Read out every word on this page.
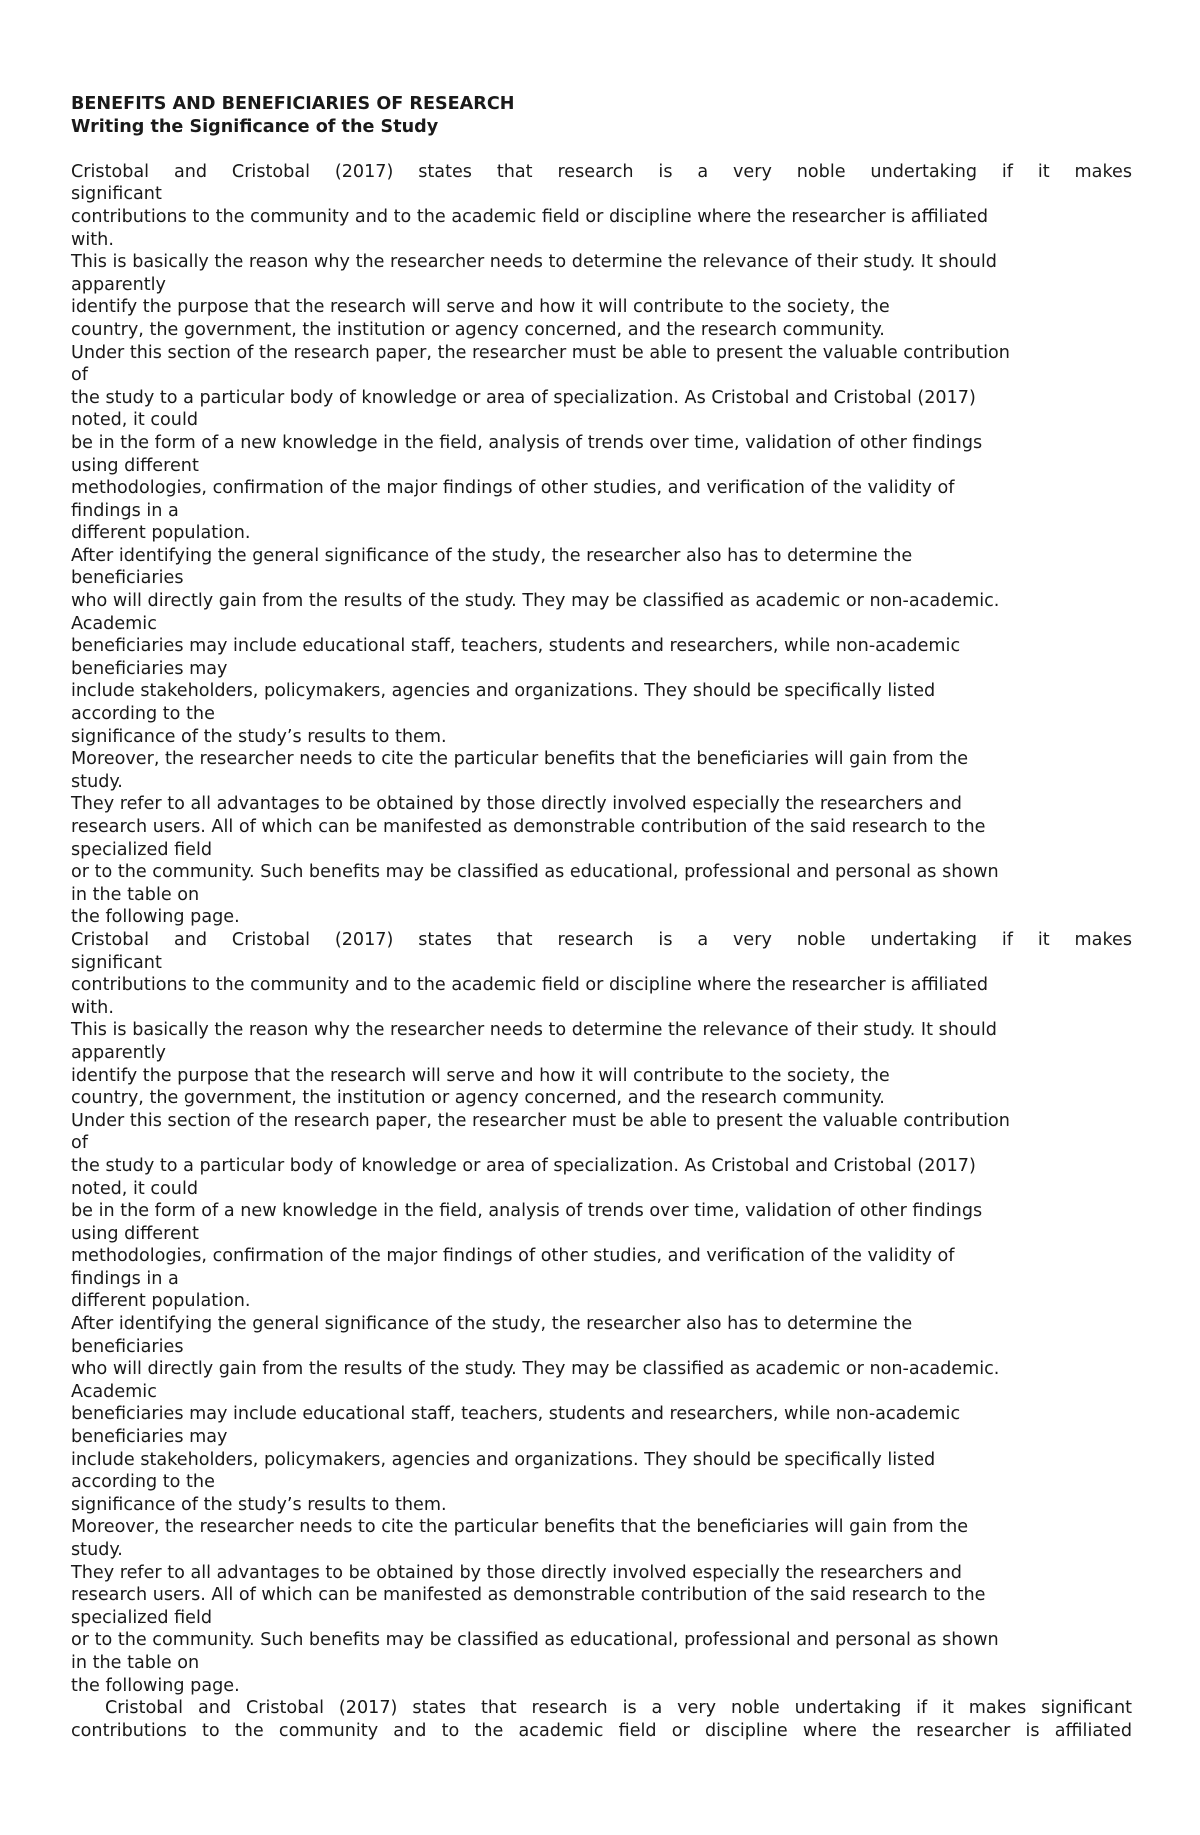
BENEFITS AND BENEFICIARIES OF RESEARCH
Writing the Significance of the Study
Cristobal and Cristobal (2017) states that research is a very noble undertaking if it makes
significant
contributions to the community and to the academic field or discipline where the researcher is affiliated
with.
This is basically the reason why the researcher needs to determine the relevance of their study. It should
apparently
identify the purpose that the research will serve and how it will contribute to the society, the
country, the government, the institution or agency concerned, and the research community.
Under this section of the research paper, the researcher must be able to present the valuable contribution
of
the study to a particular body of knowledge or area of specialization. As Cristobal and Cristobal (2017)
noted, it could
be in the form of a new knowledge in the field, analysis of trends over time, validation of other findings
using different
methodologies, confirmation of the major findings of other studies, and verification of the validity of
findings in a
different population.
After identifying the general significance of the study, the researcher also has to determine the
beneficiaries
who will directly gain from the results of the study. They may be classified as academic or non-academic.
Academic
beneficiaries may include educational staff, teachers, students and researchers, while non-academic
beneficiaries may
include stakeholders, policymakers, agencies and organizations. They should be specifically listed
according to the
significance of the study’s results to them.
Moreover, the researcher needs to cite the particular benefits that the beneficiaries will gain from the
study.
They refer to all advantages to be obtained by those directly involved especially the researchers and
research users. All of which can be manifested as demonstrable contribution of the said research to the
specialized field
or to the community. Such benefits may be classified as educational, professional and personal as shown
in the table on
the following page.
Cristobal and Cristobal (2017) states that research is a very noble undertaking if it makes
significant
contributions to the community and to the academic field or discipline where the researcher is affiliated
with.
This is basically the reason why the researcher needs to determine the relevance of their study. It should
apparently
identify the purpose that the research will serve and how it will contribute to the society, the
country, the government, the institution or agency concerned, and the research community.
Under this section of the research paper, the researcher must be able to present the valuable contribution
of
the study to a particular body of knowledge or area of specialization. As Cristobal and Cristobal (2017)
noted, it could
be in the form of a new knowledge in the field, analysis of trends over time, validation of other findings
using different
methodologies, confirmation of the major findings of other studies, and verification of the validity of
findings in a
different population.
After identifying the general significance of the study, the researcher also has to determine the
beneficiaries
who will directly gain from the results of the study. They may be classified as academic or non-academic.
Academic
beneficiaries may include educational staff, teachers, students and researchers, while non-academic
beneficiaries may
include stakeholders, policymakers, agencies and organizations. They should be specifically listed
according to the
significance of the study’s results to them.
Moreover, the researcher needs to cite the particular benefits that the beneficiaries will gain from the
study.
They refer to all advantages to be obtained by those directly involved especially the researchers and
research users. All of which can be manifested as demonstrable contribution of the said research to the
specialized field
or to the community. Such benefits may be classified as educational, professional and personal as shown
in the table on
the following page.
Cristobal and Cristobal (2017) states that research is a very noble undertaking if it makes significant
contributions to the community and to the academic field or discipline where the researcher is affiliated
